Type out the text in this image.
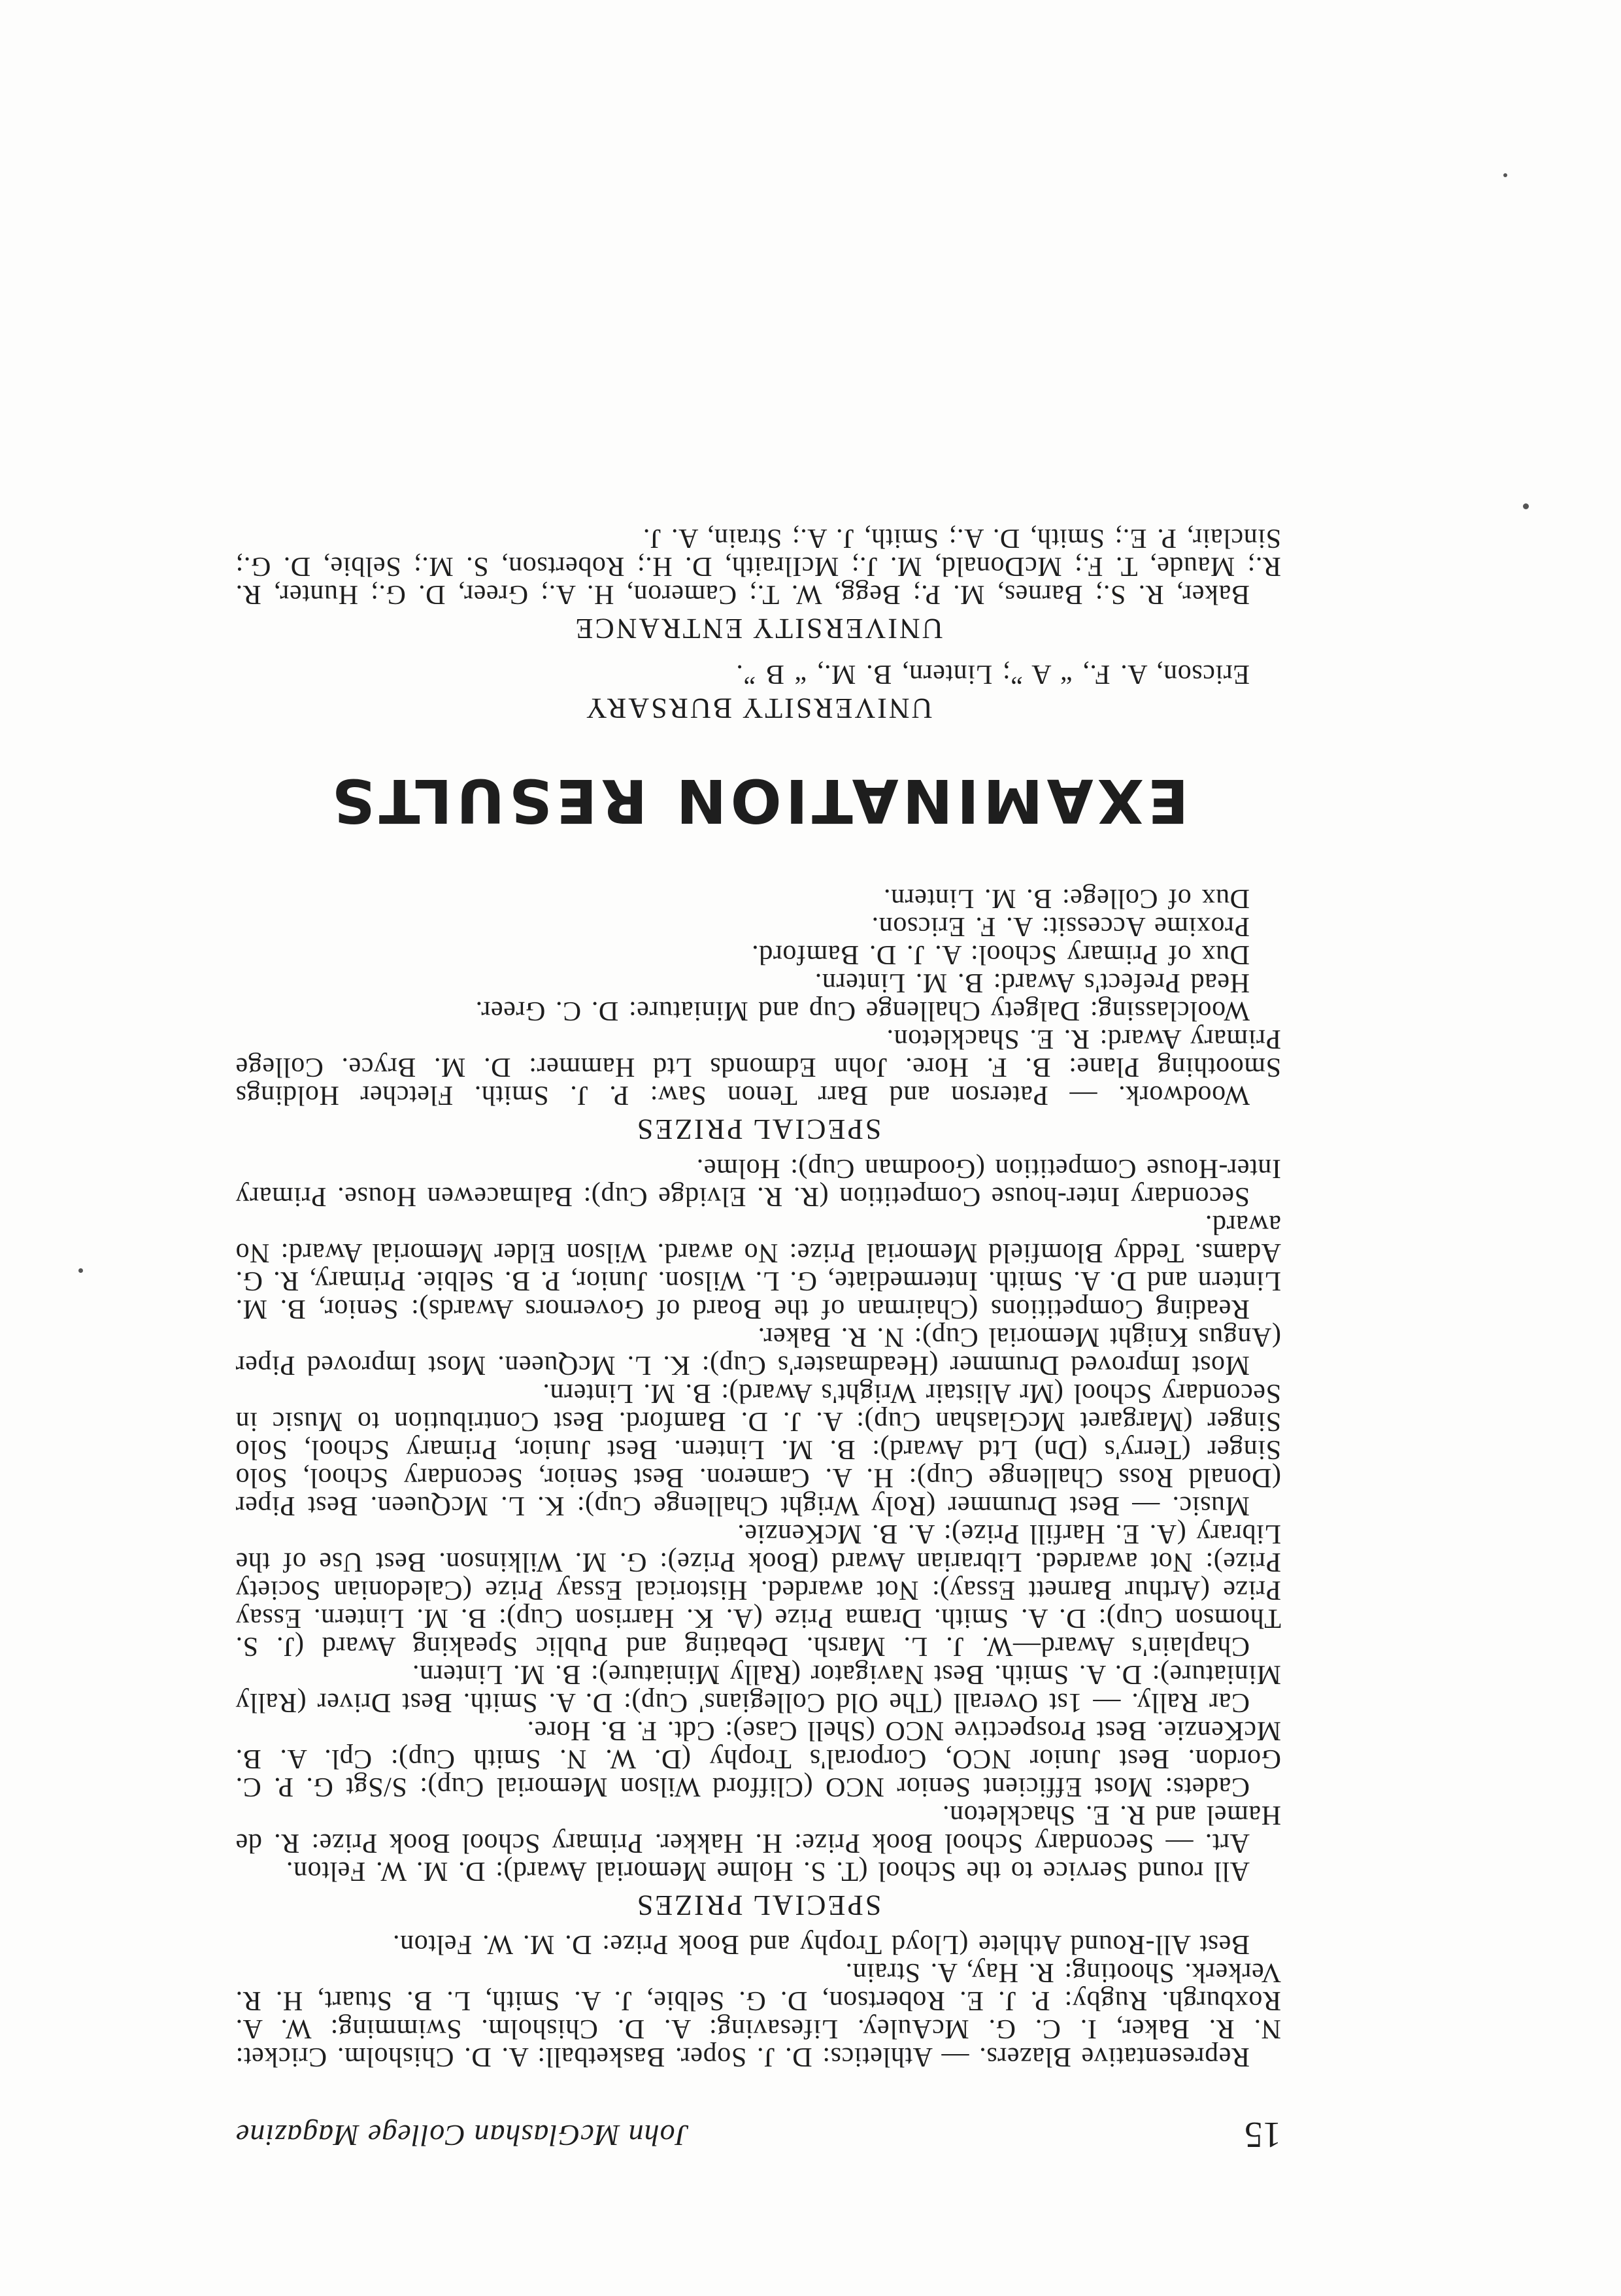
15
John McGlashan College Magazine

Representative Blazers. — Athletics: D. J. Soper. Basketball: A. D. Chisholm. Cricket: N. R. Baker, I. C. G. McAuley. Lifesaving: A. D. Chisholm. Swimming: W. A. Roxburgh. Rugby: P. J. E. Robertson, D. G. Selbie, J. A. Smith, L. B. Stuart, H. R. Verkerk. Shooting: R. Hay, A. Strain.

Best All-Round Athlete (Lloyd Trophy and Book Prize: D. M. W. Felton.

SPECIAL PRIZES

All round Service to the School (T. S. Holme Memorial Award): D. M. W. Felton.

Art. — Secondary School Book Prize: H. Hakker. Primary School Book Prize: R. de Hamel and R. E. Shackleton.

Cadets: Most Efficient Senior NCO (Clifford Wilson Memorial Cup): S/Sgt G. P. C. Gordon. Best Junior NCO, Corporal's Trophy (D. W. N. Smith Cup): Cpl. A. B. McKenzie. Best Prospective NCO (Shell Case): Cdt. F. B. Hore.

Car Rally. — 1st Overall (The Old Collegians' Cup): D. A. Smith. Best Driver (Rally Miniature): D. A. Smith. Best Navigator (Rally Miniature): B. M. Lintern.

Chaplain's Award—W. J. L. Marsh. Debating and Public Speaking Award (J. S. Thomson Cup): D. A. Smith. Drama Prize (A. K. Harrison Cup): B. M. Lintern. Essay Prize (Arthur Barnett Essay): Not awarded. Historical Essay Prize (Caledonian Society Prize): Not awarded. Librarian Award (Book Prize): G. M. Wilkinson. Best Use of the Library (A. E. Harfill Prize): A. B. McKenzie.

Music. — Best Drummer (Roly Wright Challenge Cup): K. L. McQueen. Best Piper (Donald Ross Challenge Cup): H. A. Cameron. Best Senior, Secondary School, Solo Singer (Terry's (Dn) Ltd Award): B. M. Lintern. Best Junior, Primary School, Solo Singer (Margaret McGlashan Cup): A. J. D. Bamford. Best Contribution to Music in Secondary School (Mr Alistair Wright's Award): B. M. Lintern.

Most Improved Drummer (Headmaster's Cup): K. L. McQueen. Most Improved Piper (Angus Knight Memorial Cup): N. R. Baker.

Reading Competitions (Chairman of the Board of Governors Awards): Senior, B. M. Lintern and D. A. Smith. Intermediate, G. L. Wilson. Junior, P. B. Selbie. Primary, R. G. Adams. Teddy Blomfield Memorial Prize: No award. Wilson Elder Memorial Award: No award.

Secondary Inter-house Competition (R. R. Elvidge Cup): Balmacewen House. Primary Inter-House Competition (Goodman Cup): Holme.

SPECIAL PRIZES

Woodwork. — Paterson and Barr Tenon Saw: P. J. Smith. Fletcher Holdings Smoothing Plane: B. F. Hore. John Edmonds Ltd Hammer: D. M. Bryce. College Primary Award: R. E. Shackleton.

Woolclassing: Dalgety Challenge Cup and Miniature: D. C. Greer.

Head Prefect's Award: B. M. Lintern.

Dux of Primary School: A. J. D. Bamford.

Proxime Accessit: A. F. Ericson.

Dux of College: B. M. Lintern.

EXAMINATION RESULTS
UNIVERSITY BURSARY

Ericson, A. F., “ A ”; Lintern, B. M., “ B ”.

UNIVERSITY ENTRANCE

Baker, R. S.; Barnes, M. P.; Begg, W. T.; Cameron, H. A.; Greer, D. G.; Hunter, R. R.; Maude, T. F.; McDonald, M. J.; McIlraith, D. H.; Robertson, S. M.; Selbie, D. G.; Sinclair, P. E.; Smith, D. A.; Smith, J. A.; Strain, A. J.
